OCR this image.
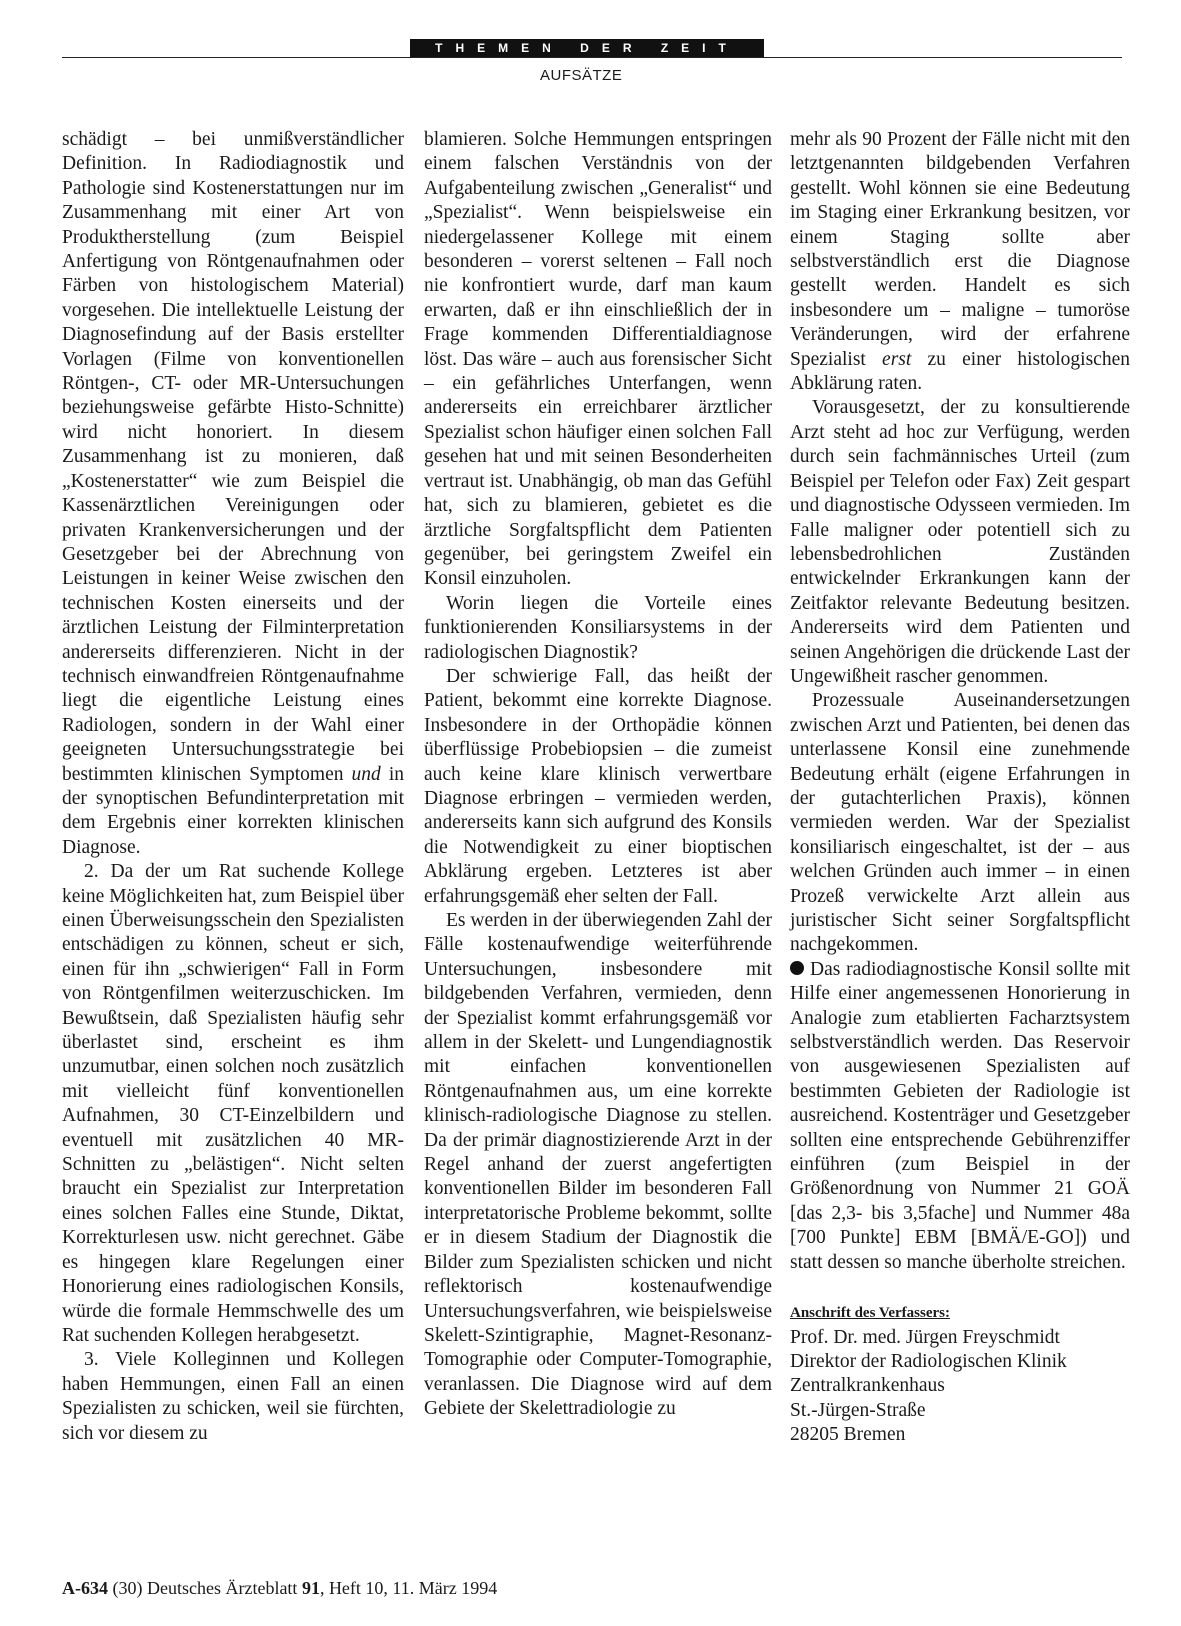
THEMEN DER ZEIT
AUFSÄTZE

schädigt – bei unmißverständlicher Definition. In Radiodiagnostik und Pathologie sind Kostenerstattungen nur im Zusammenhang mit einer Art von Produktherstellung (zum Beispiel Anfertigung von Röntgenaufnahmen oder Färben von histologischem Material) vorgesehen. Die intellektuelle Leistung der Diagnosefindung auf der Basis erstellter Vorlagen (Filme von konventionellen Röntgen-, CT- oder MR-Untersuchungen beziehungsweise gefärbte Histo-Schnitte) wird nicht honoriert. In diesem Zusammenhang ist zu monieren, daß „Kostenerstatter“ wie zum Beispiel die Kassenärztlichen Vereinigungen oder privaten Krankenversicherungen und der Gesetzgeber bei der Abrechnung von Leistungen in keiner Weise zwischen den technischen Kosten einerseits und der ärztlichen Leistung der Filminterpretation andererseits differenzieren. Nicht in der technisch einwandfreien Röntgenaufnahme liegt die eigentliche Leistung eines Radiologen, sondern in der Wahl einer geeigneten Untersuchungsstrategie bei bestimmten klinischen Symptomen und in der synoptischen Befundinterpretation mit dem Ergebnis einer korrekten klinischen Diagnose.

2. Da der um Rat suchende Kollege keine Möglichkeiten hat, zum Beispiel über einen Überweisungsschein den Spezialisten entschädigen zu können, scheut er sich, einen für ihn „schwierigen“ Fall in Form von Röntgenfilmen weiterzuschicken. Im Bewußtsein, daß Spezialisten häufig sehr überlastet sind, erscheint es ihm unzumutbar, einen solchen noch zusätzlich mit vielleicht fünf konventionellen Aufnahmen, 30 CT-Einzelbildern und eventuell mit zusätzlichen 40 MR-Schnitten zu „belästigen“. Nicht selten braucht ein Spezialist zur Interpretation eines solchen Falles eine Stunde, Diktat, Korrekturlesen usw. nicht gerechnet. Gäbe es hingegen klare Regelungen einer Honorierung eines radiologischen Konsils, würde die formale Hemmschwelle des um Rat suchenden Kollegen herabgesetzt.

3. Viele Kolleginnen und Kollegen haben Hemmungen, einen Fall an einen Spezialisten zu schicken, weil sie fürchten, sich vor diesem zu

blamieren. Solche Hemmungen entspringen einem falschen Verständnis von der Aufgabenteilung zwischen „Generalist“ und „Spezialist“. Wenn beispielsweise ein niedergelassener Kollege mit einem besonderen – vorerst seltenen – Fall noch nie konfrontiert wurde, darf man kaum erwarten, daß er ihn einschließlich der in Frage kommenden Differentialdiagnose löst. Das wäre – auch aus forensischer Sicht – ein gefährliches Unterfangen, wenn andererseits ein erreichbarer ärztlicher Spezialist schon häufiger einen solchen Fall gesehen hat und mit seinen Besonderheiten vertraut ist. Unabhängig, ob man das Gefühl hat, sich zu blamieren, gebietet es die ärztliche Sorgfaltspflicht dem Patienten gegenüber, bei geringstem Zweifel ein Konsil einzuholen.

Worin liegen die Vorteile eines funktionierenden Konsiliarsystems in der radiologischen Diagnostik?

Der schwierige Fall, das heißt der Patient, bekommt eine korrekte Diagnose. Insbesondere in der Orthopädie können überflüssige Probebiopsien – die zumeist auch keine klare klinisch verwertbare Diagnose erbringen – vermieden werden, andererseits kann sich aufgrund des Konsils die Notwendigkeit zu einer bioptischen Abklärung ergeben. Letzteres ist aber erfahrungsgemäß eher selten der Fall.

Es werden in der überwiegenden Zahl der Fälle kostenaufwendige weiterführende Untersuchungen, insbesondere mit bildgebenden Verfahren, vermieden, denn der Spezialist kommt erfahrungsgemäß vor allem in der Skelett- und Lungendiagnostik mit einfachen konventionellen Röntgenaufnahmen aus, um eine korrekte klinisch-radiologische Diagnose zu stellen. Da der primär diagnostizierende Arzt in der Regel anhand der zuerst angefertigten konventionellen Bilder im besonderen Fall interpretatorische Probleme bekommt, sollte er in diesem Stadium der Diagnostik die Bilder zum Spezialisten schicken und nicht reflektorisch kostenaufwendige Untersuchungsverfahren, wie beispielsweise Skelett-Szintigraphie, Magnet-Resonanz-Tomographie oder Computer-Tomographie, veranlassen. Die Diagnose wird auf dem Gebiete der Skelettradiologie zu

mehr als 90 Prozent der Fälle nicht mit den letztgenannten bildgebenden Verfahren gestellt. Wohl können sie eine Bedeutung im Staging einer Erkrankung besitzen, vor einem Staging sollte aber selbstverständlich erst die Diagnose gestellt werden. Handelt es sich insbesondere um – maligne – tumoröse Veränderungen, wird der erfahrene Spezialist erst zu einer histologischen Abklärung raten.

Vorausgesetzt, der zu konsultierende Arzt steht ad hoc zur Verfügung, werden durch sein fachmännisches Urteil (zum Beispiel per Telefon oder Fax) Zeit gespart und diagnostische Odysseen vermieden. Im Falle maligner oder potentiell sich zu lebensbedrohlichen Zuständen entwickelnder Erkrankungen kann der Zeitfaktor relevante Bedeutung besitzen. Andererseits wird dem Patienten und seinen Angehörigen die drückende Last der Ungewißheit rascher genommen.

Prozessuale Auseinandersetzungen zwischen Arzt und Patienten, bei denen das unterlassene Konsil eine zunehmende Bedeutung erhält (eigene Erfahrungen in der gutachterlichen Praxis), können vermieden werden. War der Spezialist konsiliarisch eingeschaltet, ist der – aus welchen Gründen auch immer – in einen Prozeß verwickelte Arzt allein aus juristischer Sicht seiner Sorgfaltspflicht nachgekommen.

Das radiodiagnostische Konsil sollte mit Hilfe einer angemessenen Honorierung in Analogie zum etablierten Facharztsystem selbstverständlich werden. Das Reservoir von ausgewiesenen Spezialisten auf bestimmten Gebieten der Radiologie ist ausreichend. Kostenträger und Gesetzgeber sollten eine entsprechende Gebührenziffer einführen (zum Beispiel in der Größenordnung von Nummer 21 GOÄ [das 2,3- bis 3,5fache] und Nummer 48a [700 Punkte] EBM [BMÄ/E-GO]) und statt dessen so manche überholte streichen.

Anschrift des Verfassers:
Prof. Dr. med. Jürgen Freyschmidt
Direktor der Radiologischen Klinik
Zentralkrankenhaus
St.-Jürgen-Straße
28205 Bremen
A-634 (30) Deutsches Ärzteblatt 91, Heft 10, 11. März 1994
